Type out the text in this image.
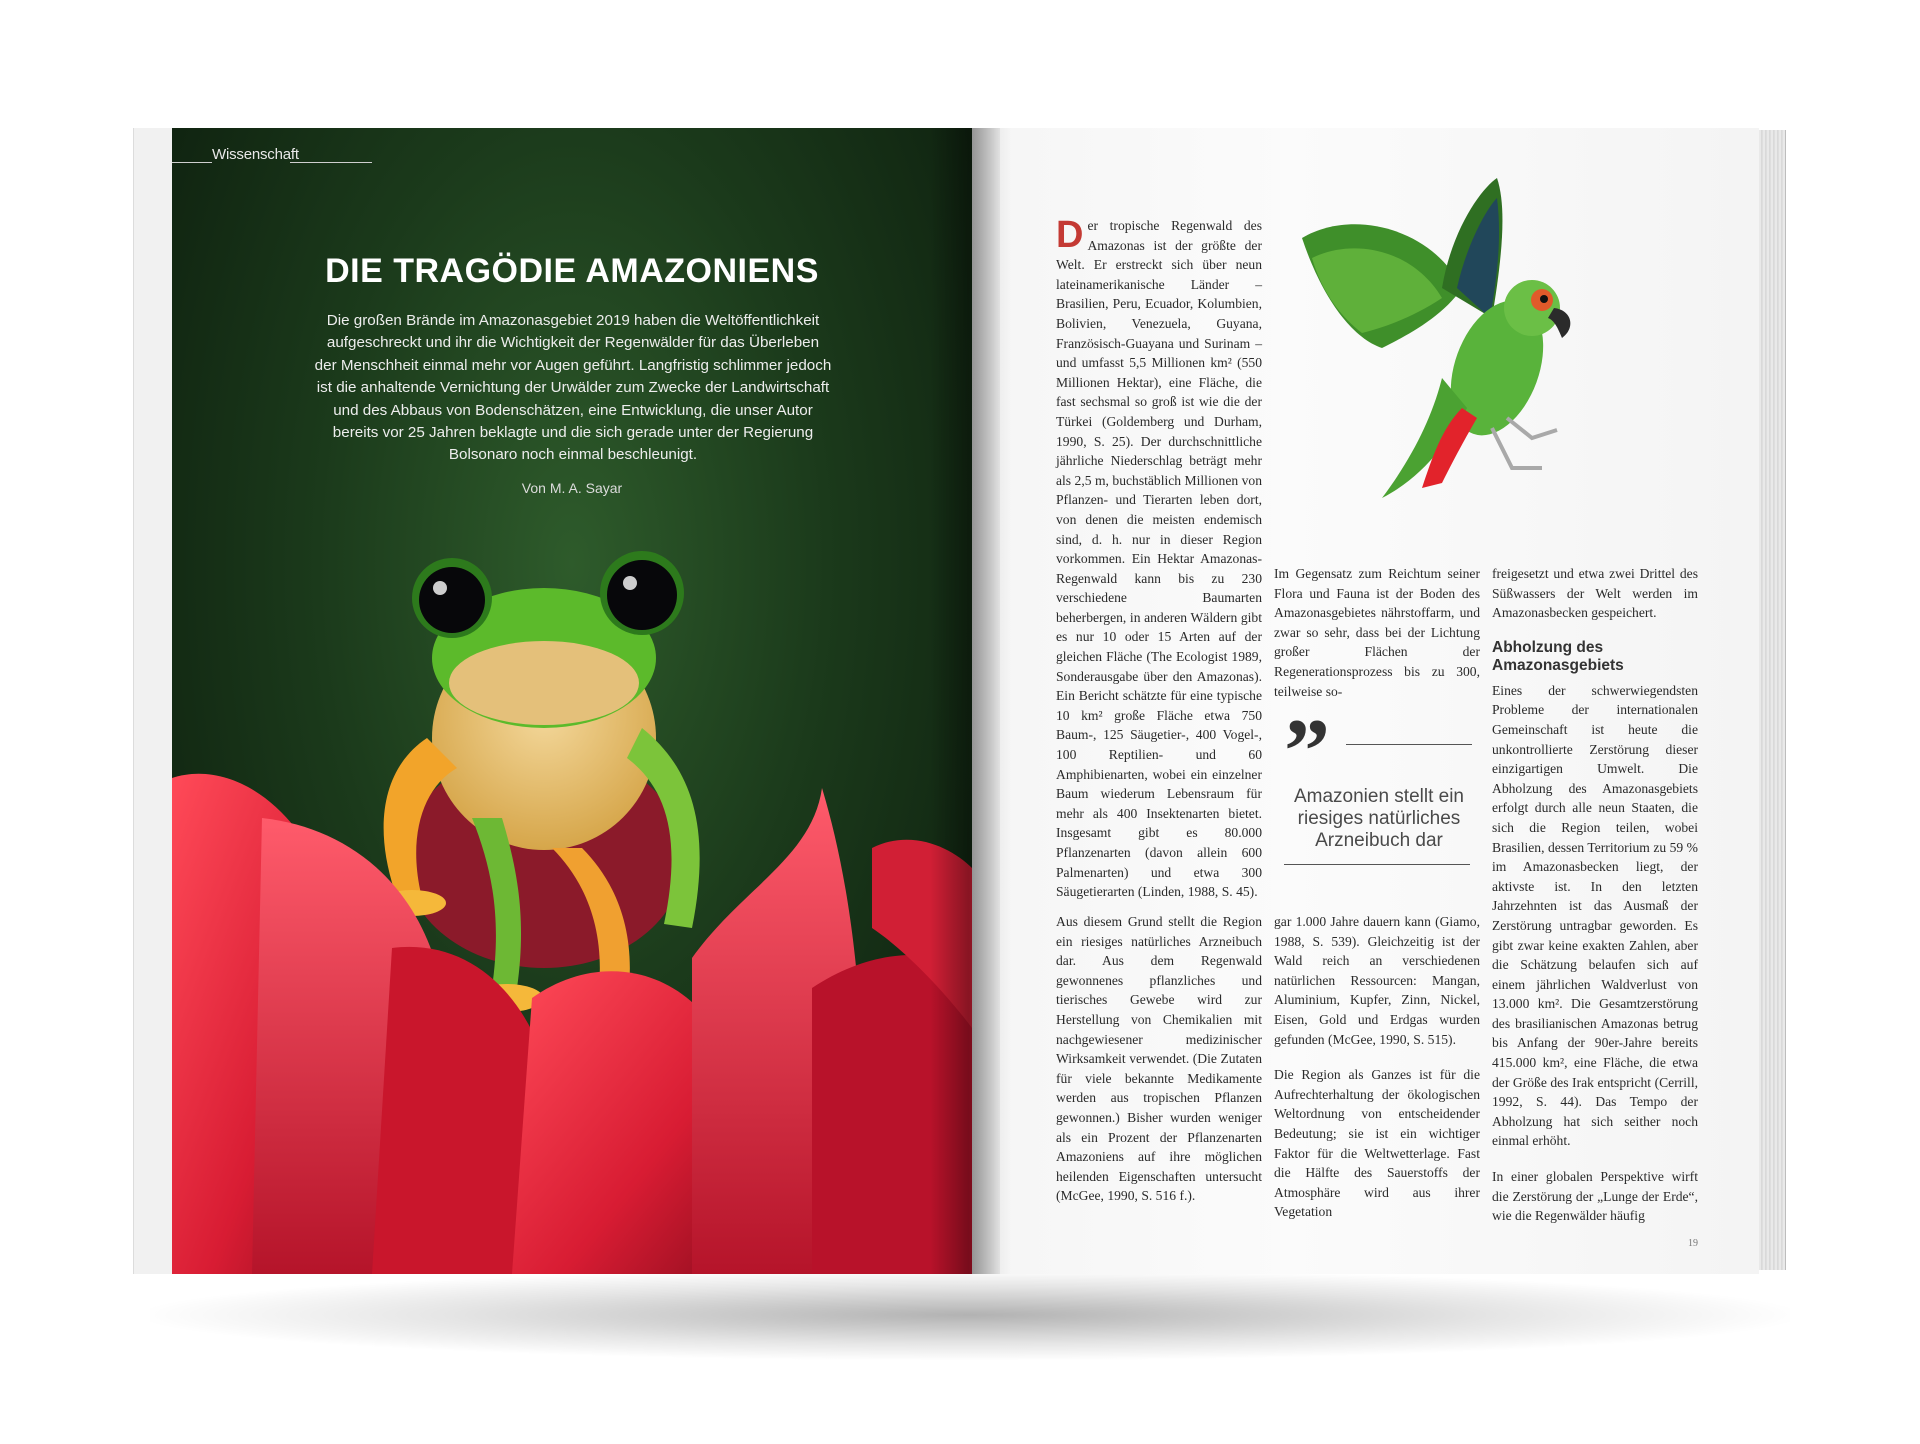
Wissenschaft
DIE TRAGÖDIE AMAZONIENS
Die großen Brände im Amazonasgebiet 2019 haben die Weltöffentlichkeit aufgeschreckt und ihr die Wichtigkeit der Regenwälder für das Überleben der Menschheit einmal mehr vor Augen geführt. Langfristig schlimmer jedoch ist die anhaltende Vernichtung der Urwälder zum Zwecke der Landwirtschaft und des Abbaus von Bodenschätzen, eine Entwicklung, die unser Autor bereits vor 25 Jahren beklagte und die sich gerade unter der Regierung Bolsonaro noch einmal beschleunigt.
Von M. A. Sayar

Der tropische Regenwald des Amazonas ist der größte der Welt. Er erstreckt sich über neun lateinamerikanische Länder – Brasilien, Peru, Ecuador, Kolumbien, Bolivien, Venezuela, Guyana, Französisch-Guayana und Surinam – und umfasst 5,5 Millionen km² (550 Millionen Hektar), eine Fläche, die fast sechsmal so groß ist wie die der Türkei (Goldemberg und Durham, 1990, S. 25). Der durchschnittliche jährliche Niederschlag beträgt mehr als 2,5 m, buchstäblich Millionen von Pflanzen- und Tierarten leben dort, von denen die meisten endemisch sind, d. h. nur in dieser Region vorkommen. Ein Hektar Amazonas-Regenwald kann bis zu 230 verschiedene Baumarten beherbergen, in anderen Wäldern gibt es nur 10 oder 15 Arten auf der gleichen Fläche (The Ecologist 1989, Sonderausgabe über den Amazonas). Ein Bericht schätzte für eine typische 10 km² große Fläche etwa 750 Baum-, 125 Säugetier-, 400 Vogel-, 100 Reptilien- und 60 Amphibienarten, wobei ein einzelner Baum wiederum Lebensraum für mehr als 400 Insektenarten bietet. Insgesamt gibt es 80.000 Pflanzenarten (davon allein 600 Palmenarten) und etwa 300 Säugetierarten (Linden, 1988, S. 45).

Aus diesem Grund stellt die Region ein riesiges natürliches Arzneibuch dar. Aus dem Regenwald gewonnenes pflanzliches und tierisches Gewebe wird zur Herstellung von Chemikalien mit nachgewiesener medizinischer Wirksamkeit verwendet. (Die Zutaten für viele bekannte Medikamente werden aus tropischen Pflanzen gewonnen.) Bisher wurden weniger als ein Prozent der Pflanzenarten Amazoniens auf ihre möglichen heilenden Eigenschaften untersucht (McGee, 1990, S. 516 f.).

Im Gegensatz zum Reichtum seiner Flora und Fauna ist der Boden des Amazonasgebietes nährstoffarm, und zwar so sehr, dass bei der Lichtung großer Flächen der Regenerationsprozess bis zu 300, teilweise so-

”
Amazonien stellt ein riesiges natürliches Arzneibuch dar

gar 1.000 Jahre dauern kann (Giamo, 1988, S. 539). Gleichzeitig ist der Wald reich an verschiedenen natürlichen Ressourcen: Mangan, Aluminium, Kupfer, Zinn, Nickel, Eisen, Gold und Erdgas wurden gefunden (McGee, 1990, S. 515).

Die Region als Ganzes ist für die Aufrechterhaltung der ökologischen Weltordnung von entscheidender Bedeutung; sie ist ein wichtiger Faktor für die Weltwetterlage. Fast die Hälfte des Sauerstoffs der Atmosphäre wird aus ihrer Vegetation

freigesetzt und etwa zwei Drittel des Süßwassers der Welt werden im Amazonasbecken gespeichert.

Abholzung des Amazonasgebiets

Eines der schwerwiegendsten Probleme der internationalen Gemeinschaft ist heute die unkontrollierte Zerstörung dieser einzigartigen Umwelt. Die Abholzung des Amazonasgebiets erfolgt durch alle neun Staaten, die sich die Region teilen, wobei Brasilien, dessen Territorium zu 59 % im Amazonasbecken liegt, der aktivste ist. In den letzten Jahrzehnten ist das Ausmaß der Zerstörung untragbar geworden. Es gibt zwar keine exakten Zahlen, aber die Schätzung belaufen sich auf einem jährlichen Waldverlust von 13.000 km². Die Gesamtzerstörung des brasilianischen Amazonas betrug bis Anfang der 90er-Jahre bereits 415.000 km², eine Fläche, die etwa der Größe des Irak entspricht (Cerrill, 1992, S. 44). Das Tempo der Abholzung hat sich seither noch einmal erhöht.

In einer globalen Perspektive wirft die Zerstörung der „Lunge der Erde“, wie die Regenwälder häufig

19
